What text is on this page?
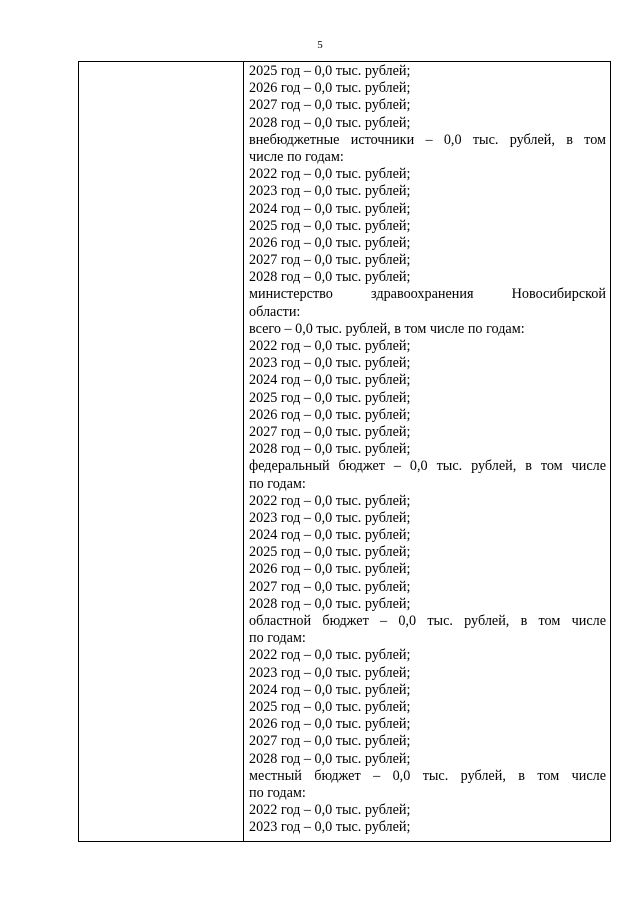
5
2025 год – 0,0 тыс. рублей;
2026 год – 0,0 тыс. рублей;
2027 год – 0,0 тыс. рублей;
2028 год – 0,0 тыс. рублей;
внебюджетные источники – 0,0 тыс. рублей, в том
числе по годам:
2022 год – 0,0 тыс. рублей;
2023 год – 0,0 тыс. рублей;
2024 год – 0,0 тыс. рублей;
2025 год – 0,0 тыс. рублей;
2026 год – 0,0 тыс. рублей;
2027 год – 0,0 тыс. рублей;
2028 год – 0,0 тыс. рублей;
министерство здравоохранения Новосибирской
области:
всего – 0,0 тыс. рублей, в том числе по годам:
2022 год – 0,0 тыс. рублей;
2023 год – 0,0 тыс. рублей;
2024 год – 0,0 тыс. рублей;
2025 год – 0,0 тыс. рублей;
2026 год – 0,0 тыс. рублей;
2027 год – 0,0 тыс. рублей;
2028 год – 0,0 тыс. рублей;
федеральный бюджет – 0,0 тыс. рублей, в том числе
по годам:
2022 год – 0,0 тыс. рублей;
2023 год – 0,0 тыс. рублей;
2024 год – 0,0 тыс. рублей;
2025 год – 0,0 тыс. рублей;
2026 год – 0,0 тыс. рублей;
2027 год – 0,0 тыс. рублей;
2028 год – 0,0 тыс. рублей;
областной бюджет – 0,0 тыс. рублей, в том числе
по годам:
2022 год – 0,0 тыс. рублей;
2023 год – 0,0 тыс. рублей;
2024 год – 0,0 тыс. рублей;
2025 год – 0,0 тыс. рублей;
2026 год – 0,0 тыс. рублей;
2027 год – 0,0 тыс. рублей;
2028 год – 0,0 тыс. рублей;
местный бюджет – 0,0 тыс. рублей, в том числе
по годам:
2022 год – 0,0 тыс. рублей;
2023 год – 0,0 тыс. рублей;
